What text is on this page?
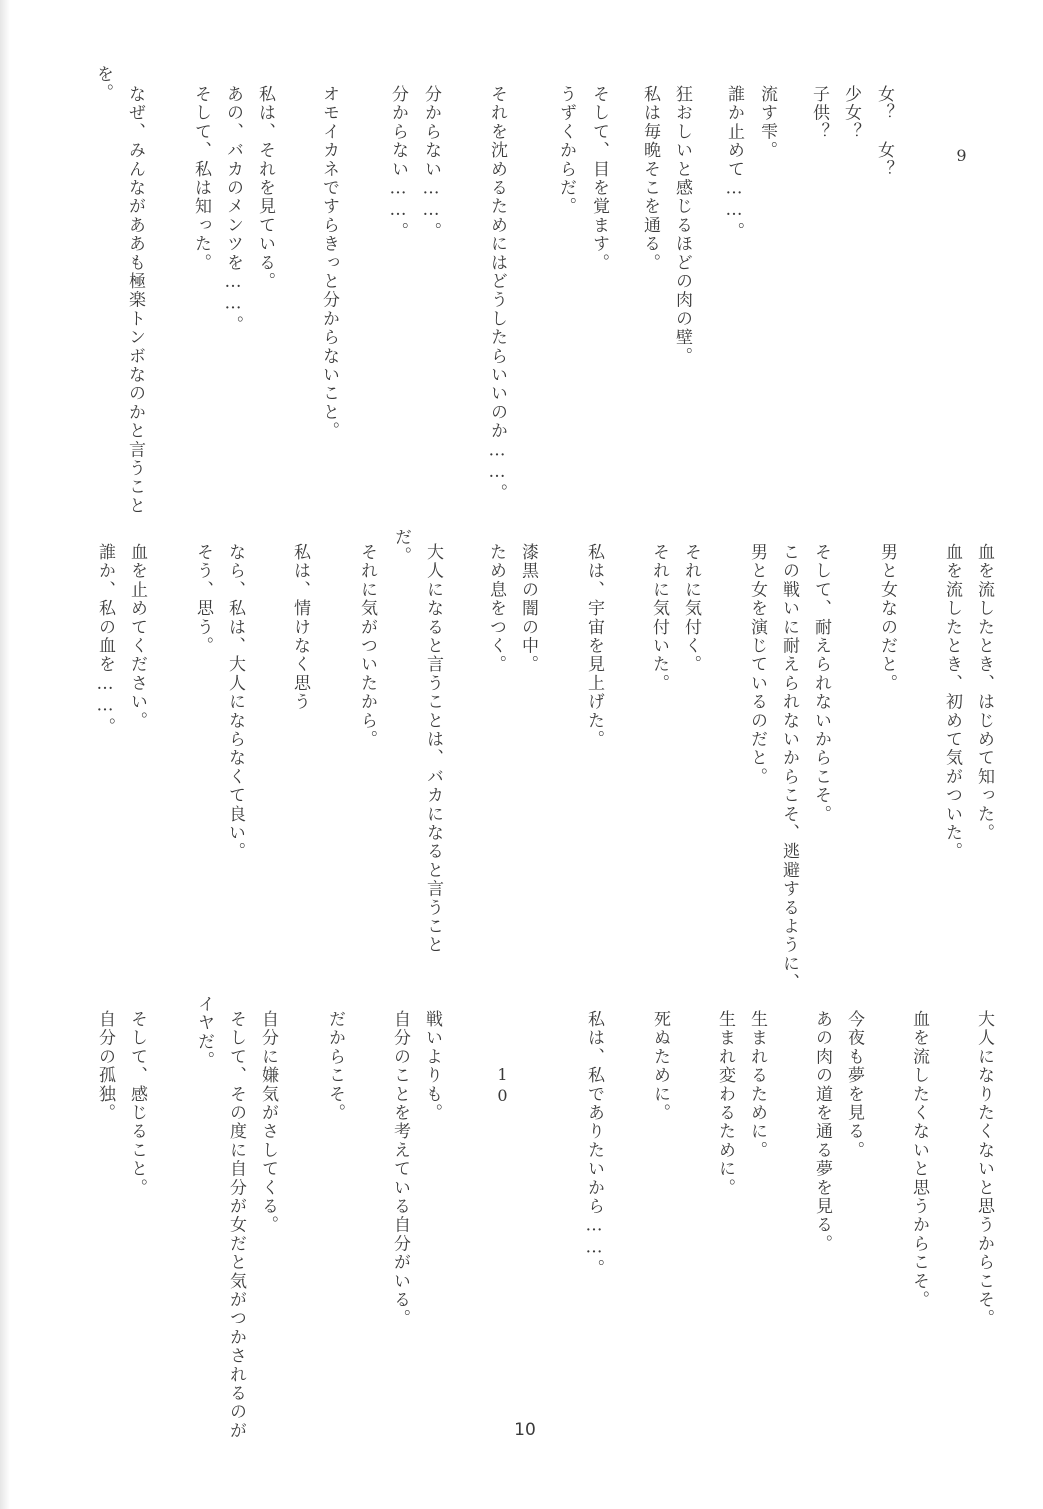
9
女？　女？
少女？
子供？
流す雫。
誰か止めて……。
狂おしいと感じるほどの肉の壁。
私は毎晩そこを通る。
そして、目を覚ます。
うずくからだ。
それを沈めるためにはどうしたらいいのか……。
分からない……。
分からない……。
オモイカネですらきっと分からないこと。
私は、それを見ている。
あの、バカのメンツを……。
そして、私は知った。
なぜ、みんながああも極楽トンボなのかと言うこと
を。
血を流したとき、はじめて知った。
血を流したとき、初めて気がついた。
男と女なのだと。
そして、耐えられないからこそ。
この戦いに耐えられないからこそ、逃避するように、
男と女を演じているのだと。
それに気付く。
それに気付いた。
私は、宇宙を見上げた。
漆黒の闇の中。
ため息をつく。
大人になると言うことは、バカになると言うこと
だ。
それに気がついたから。
私は、情けなく思う
なら、私は、大人にならなくて良い。
そう、思う。
血を止めてください。
誰か、私の血を……。
10	大人になりたくないと思うからこそ。
血を流したくないと思うからこそ。
今夜も夢を見る。
あの肉の道を通る夢を見る。
生まれるために。
生まれ変わるために。
死ぬために。
私は、私でありたいから……。
戦いよりも。
自分のことを考えている自分がいる。
だからこそ。
自分に嫌気がさしてくる。
そして、その度に自分が女だと気がつかされるのが
イヤだ。
そして、感じること。
自分の孤独。
10
